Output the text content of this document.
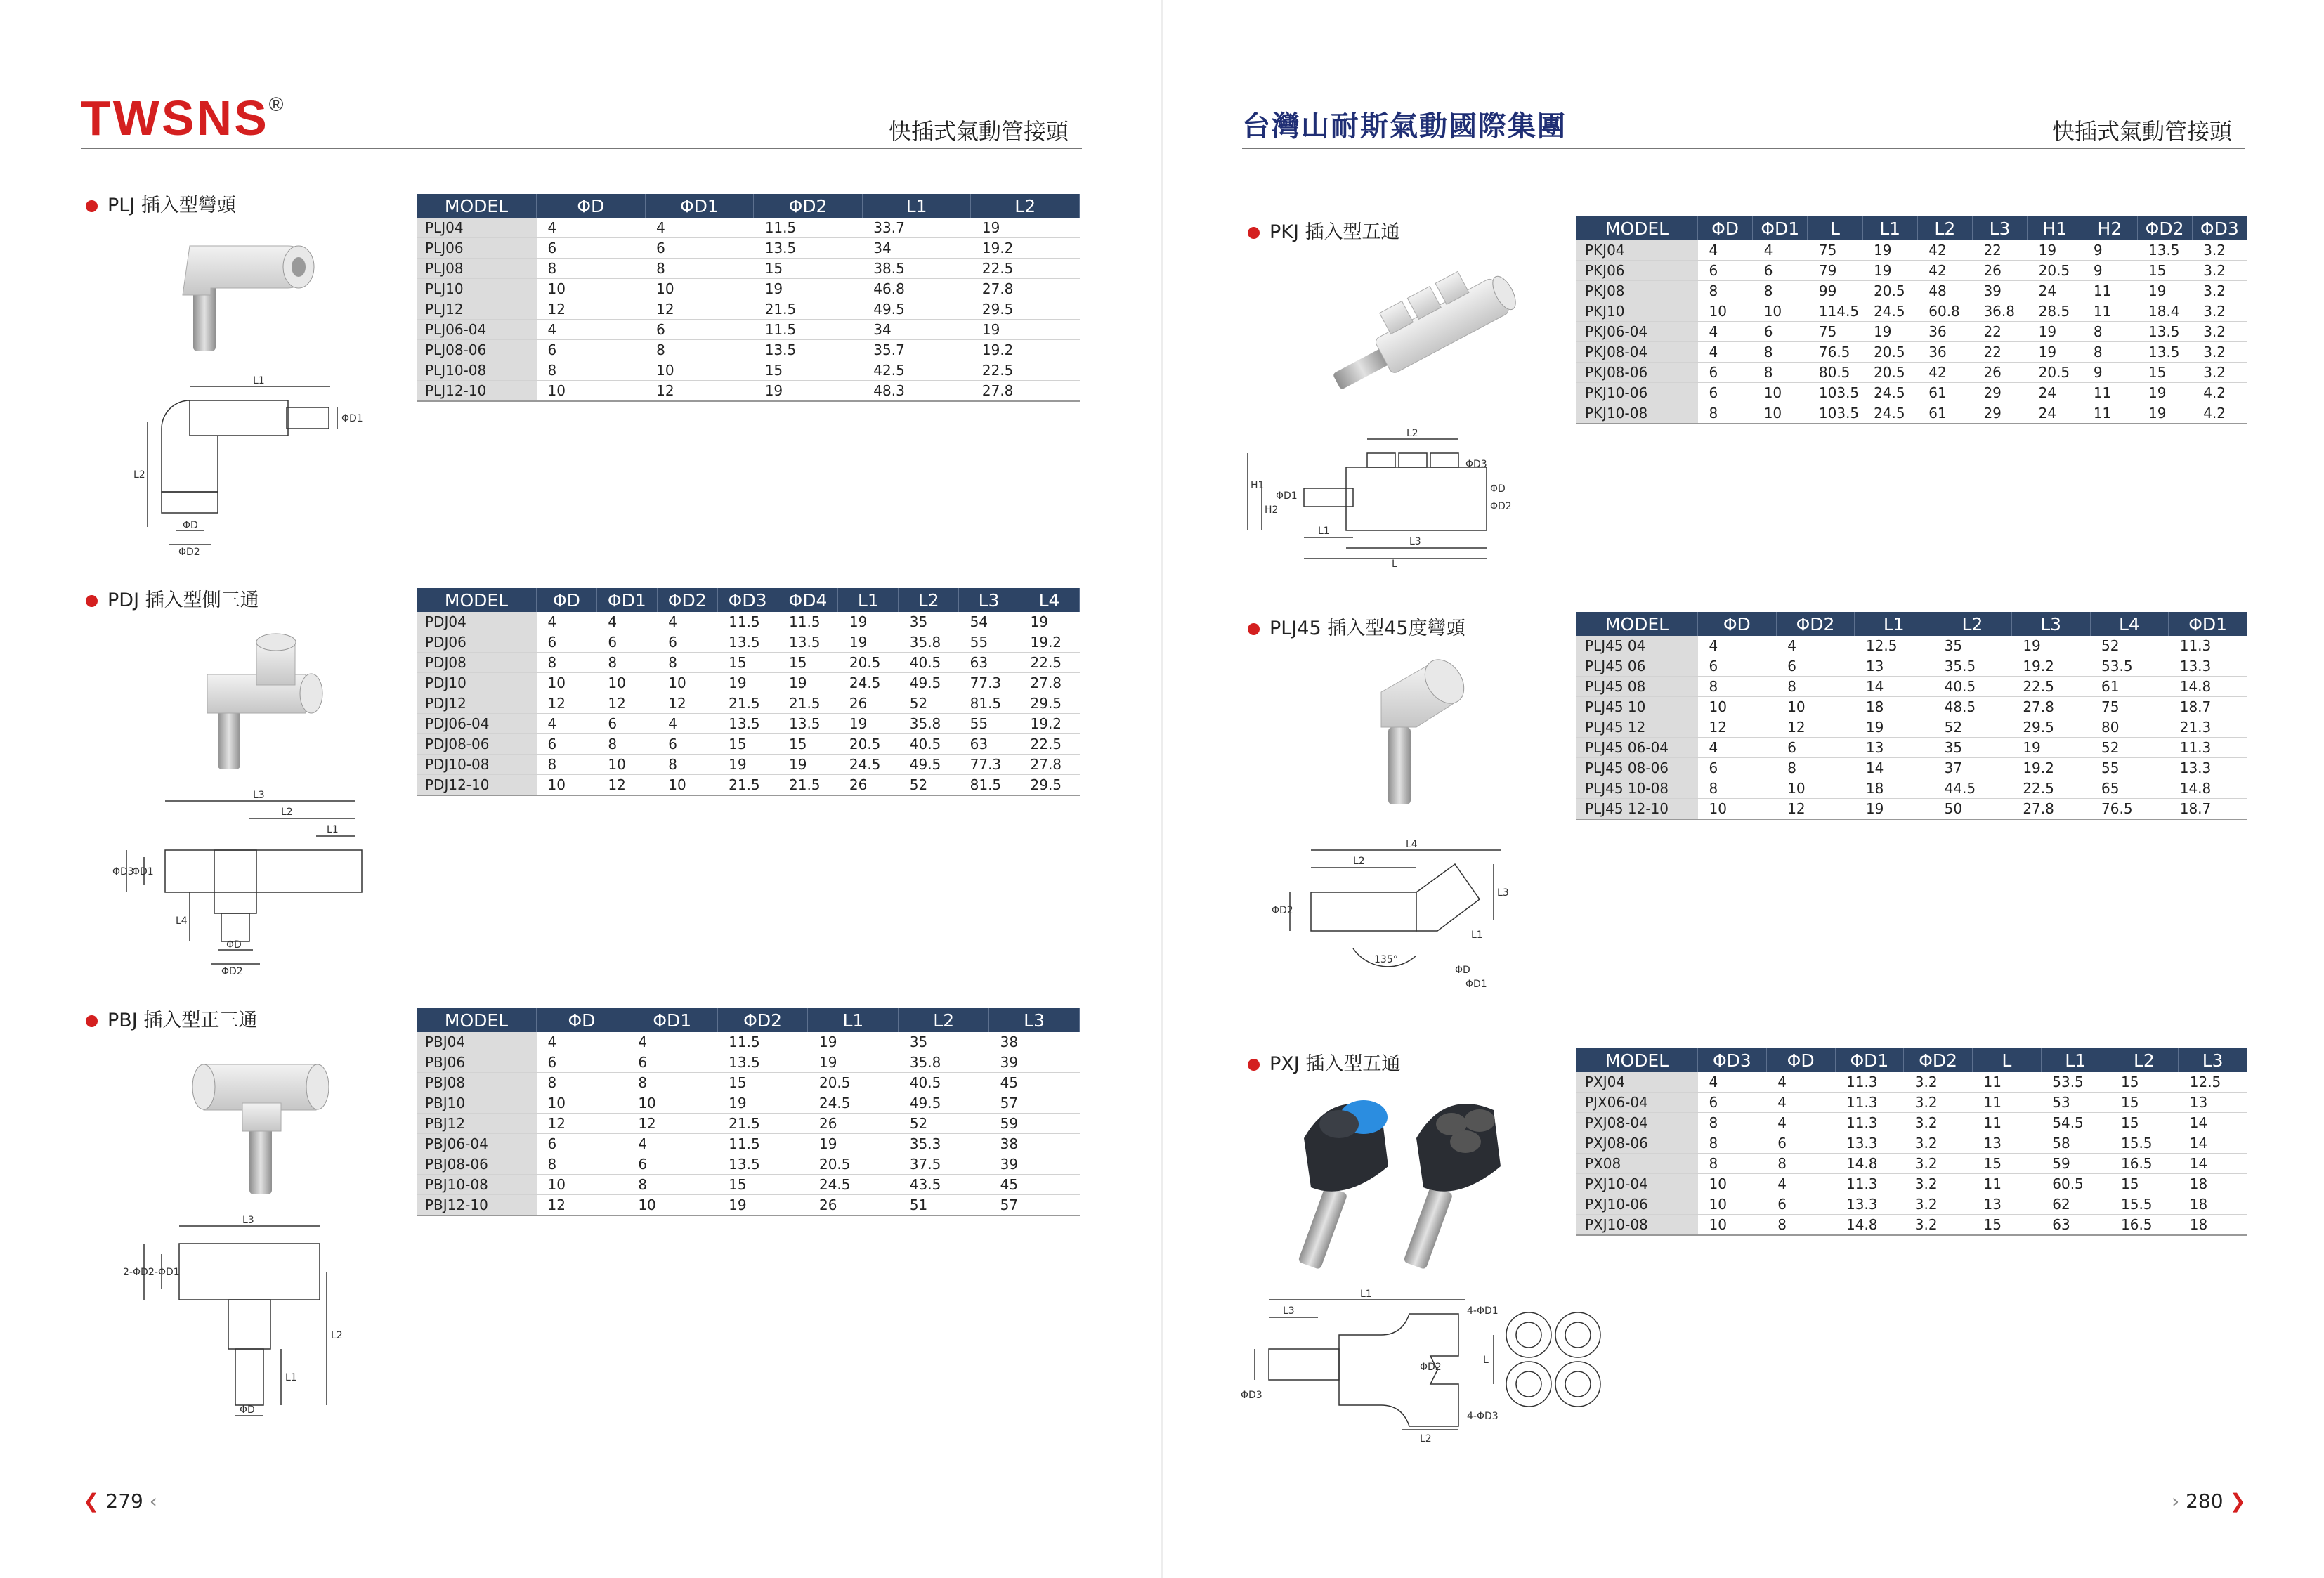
TWSNS®
快插式氣動管接頭
PLJ 插入型彎頭
L1
ΦD1
L2
ΦD
ΦD2
MODEL	ΦD	ΦD1	ΦD2	L1	L2
PLJ04	4	4	11.5	33.7	19
PLJ06	6	6	13.5	34	19.2
PLJ08	8	8	15	38.5	22.5
PLJ10	10	10	19	46.8	27.8
PLJ12	12	12	21.5	49.5	29.5
PLJ06-04	4	6	11.5	34	19
PLJ08-06	6	8	13.5	35.7	19.2
PLJ10-08	8	10	15	42.5	22.5
PLJ12-10	10	12	19	48.3	27.8
PDJ 插入型側三通
L3
L2
L1
ΦD3
ΦD1
L4
ΦD
ΦD2
MODEL	ΦD	ΦD1	ΦD2	ΦD3	ΦD4	L1	L2	L3	L4
PDJ04	4	4	4	11.5	11.5	19	35	54	19
PDJ06	6	6	6	13.5	13.5	19	35.8	55	19.2
PDJ08	8	8	8	15	15	20.5	40.5	63	22.5
PDJ10	10	10	10	19	19	24.5	49.5	77.3	27.8
PDJ12	12	12	12	21.5	21.5	26	52	81.5	29.5
PDJ06-04	4	6	4	13.5	13.5	19	35.8	55	19.2
PDJ08-06	6	8	6	15	15	20.5	40.5	63	22.5
PDJ10-08	8	10	8	19	19	24.5	49.5	77.3	27.8
PDJ12-10	10	12	10	21.5	21.5	26	52	81.5	29.5
PBJ 插入型正三通
L3
2-ΦD2
2-ΦD1
L2
L1
ΦD
MODEL	ΦD	ΦD1	ΦD2	L1	L2	L3
PBJ04	4	4	11.5	19	35	38
PBJ06	6	6	13.5	19	35.8	39
PBJ08	8	8	15	20.5	40.5	45
PBJ10	10	10	19	24.5	49.5	57
PBJ12	12	12	21.5	26	52	59
PBJ06-04	6	4	11.5	19	35.3	38
PBJ08-06	8	6	13.5	20.5	37.5	39
PBJ10-08	10	8	15	24.5	43.5	45
PBJ12-10	12	10	19	26	51	57
❮ 279 ‹
台灣山耐斯氣動國際集團	快插式氣動管接頭
PKJ 插入型五通
L2
ΦD3
H1
H2
ΦD1
ΦD
ΦD2
L1
L3
L
MODEL	ΦD	ΦD1	L	L1	L2	L3	H1	H2	ΦD2	ΦD3
PKJ04	4	4	75	19	42	22	19	9	13.5	3.2
PKJ06	6	6	79	19	42	26	20.5	9	15	3.2
PKJ08	8	8	99	20.5	48	39	24	11	19	3.2
PKJ10	10	10	114.5	24.5	60.8	36.8	28.5	11	18.4	3.2
PKJ06-04	4	6	75	19	36	22	19	8	13.5	3.2
PKJ08-04	4	8	76.5	20.5	36	22	19	8	13.5	3.2
PKJ08-06	6	8	80.5	20.5	42	26	20.5	9	15	3.2
PKJ10-06	6	10	103.5	24.5	61	29	24	11	19	4.2
PKJ10-08	8	10	103.5	24.5	61	29	24	11	19	4.2
PLJ45 插入型45度彎頭
L4
L2
ΦD2
L3
L1
135°
ΦD
ΦD1
MODEL	ΦD	ΦD2	L1	L2	L3	L4	ΦD1
PLJ45 04	4	4	12.5	35	19	52	11.3
PLJ45 06	6	6	13	35.5	19.2	53.5	13.3
PLJ45 08	8	8	14	40.5	22.5	61	14.8
PLJ45 10	10	10	18	48.5	27.8	75	18.7
PLJ45 12	12	12	19	52	29.5	80	21.3
PLJ45 06-04	4	6	13	35	19	52	11.3
PLJ45 08-06	6	8	14	37	19.2	55	13.3
PLJ45 10-08	8	10	18	44.5	22.5	65	14.8
PLJ45 12-10	10	12	19	50	27.8	76.5	18.7
PXJ 插入型五通
L1
L3	4-ΦD1
ΦD3
ΦD2
4-ΦD3
L2
L
MODEL	ΦD3	ΦD	ΦD1	ΦD2	L	L1	L2	L3
PXJ04	4	4	11.3	3.2	11	53.5	15	12.5
PJX06-04	6	4	11.3	3.2	11	53	15	13
PXJ08-04	8	4	11.3	3.2	11	54.5	15	14
PXJ08-06	8	6	13.3	3.2	13	58	15.5	14
PX08	8	8	14.8	3.2	15	59	16.5	14
PXJ10-04	10	4	11.3	3.2	11	60.5	15	18
PXJ10-06	10	6	13.3	3.2	13	62	15.5	18
PXJ10-08	10	8	14.8	3.2	15	63	16.5	18
› 280 ❯
